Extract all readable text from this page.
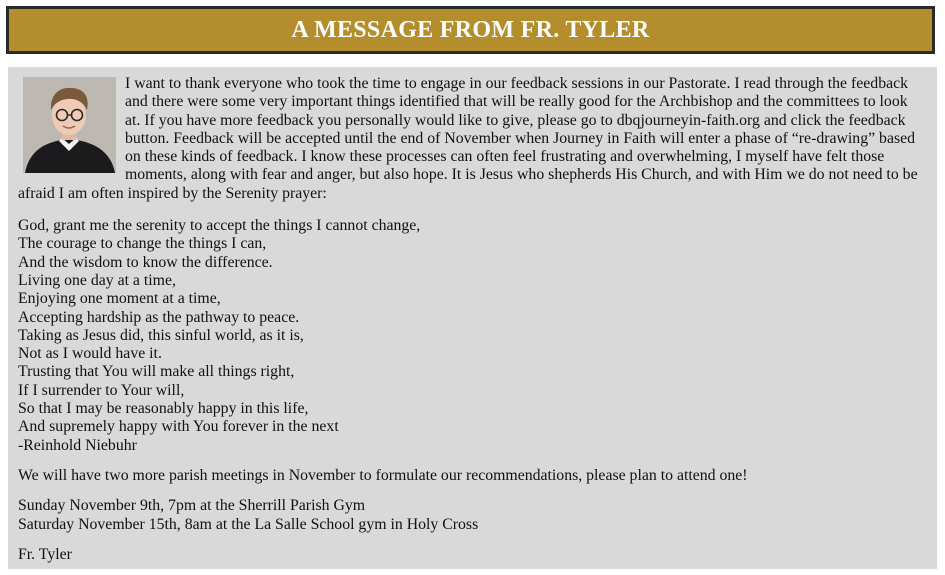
A MESSAGE FROM FR. TYLER

I want to thank everyone who took the time to engage in our feedback sessions in our Pastorate. I read through the feedback and there were some very important things identified that will be really good for the Archbishop and the committees to look at. If you have more feedback you personally would like to give, please go to dbqjourneyin-faith.org and click the feedback button. Feedback will be accepted until the end of November when Journey in Faith will enter a phase of “re-drawing” based on these kinds of feedback. I know these processes can often feel frustrating and overwhelming, I myself have felt those moments, along with fear and anger, but also hope. It is Jesus who shepherds His Church, and with Him we do not need to be afraid I am often inspired by the Serenity prayer:

God, grant me the serenity to accept the things I cannot change,
The courage to change the things I can,
And the wisdom to know the difference.
Living one day at a time,
Enjoying one moment at a time,
Accepting hardship as the pathway to peace.
Taking as Jesus did, this sinful world, as it is,
Not as I would have it.
Trusting that You will make all things right,
If I surrender to Your will,
So that I may be reasonably happy in this life,
And supremely happy with You forever in the next
-Reinhold Niebuhr

We will have two more parish meetings in November to formulate our recommendations, please plan to attend one!

Sunday November 9th, 7pm at the Sherrill Parish Gym
Saturday November 15th, 8am at the La Salle School gym in Holy Cross

Fr. Tyler
